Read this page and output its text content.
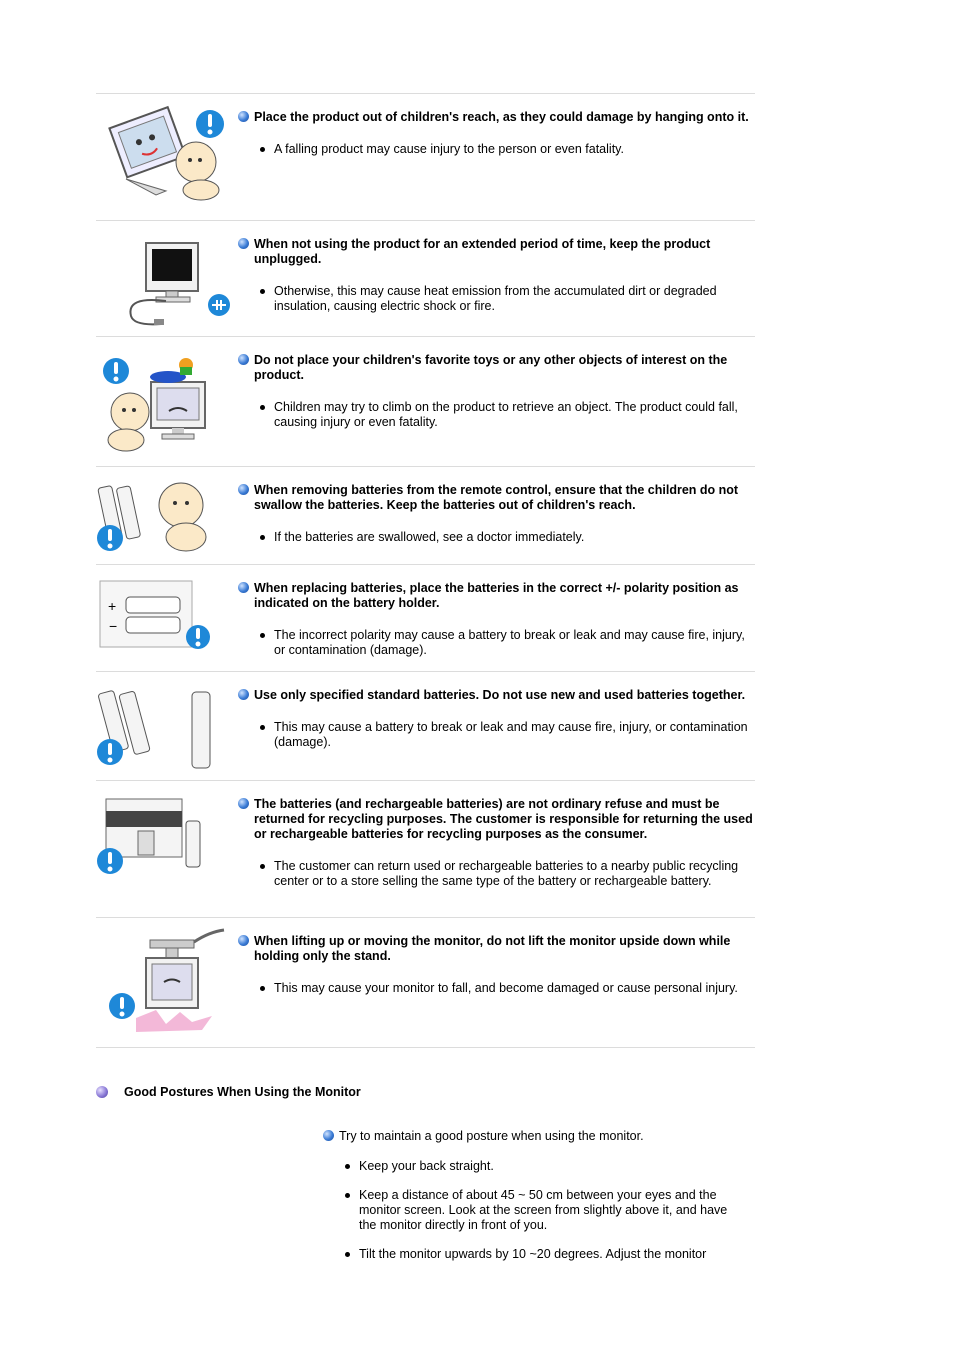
Place the product out of children's reach, as they could damage by hanging onto it.
A falling product may cause injury to the person or even fatality.
When not using the product for an extended period of time, keep the product unplugged.
Otherwise, this may cause heat emission from the accumulated dirt or degraded insulation, causing electric shock or fire.
Do not place your children's favorite toys or any other objects of interest on the product.
Children may try to climb on the product to retrieve an object. The product could fall, causing injury or even fatality.
When removing batteries from the remote control, ensure that the children do not swallow the batteries. Keep the batteries out of children's reach.
If the batteries are swallowed, see a doctor immediately.
+
−
When replacing batteries, place the batteries in the correct +/- polarity position as indicated on the battery holder.
The incorrect polarity may cause a battery to break or leak and may cause fire, injury, or contamination (damage).
Use only specified standard batteries. Do not use new and used batteries together.
This may cause a battery to break or leak and may cause fire, injury, or contamination (damage).
The batteries (and rechargeable batteries) are not ordinary refuse and must be returned for recycling purposes. The customer is responsible for returning the used or rechargeable batteries for recycling purposes as the consumer.
The customer can return used or rechargeable batteries to a nearby public recycling center or to a store selling the same type of the battery or rechargeable battery.
When lifting up or moving the monitor, do not lift the monitor upside down while holding only the stand.
This may cause your monitor to fall, and become damaged or cause personal injury.
Good Postures When Using the Monitor
Try to maintain a good posture when using the monitor.
Keep your back straight.
Keep a distance of about 45 ~ 50 cm between your eyes and the monitor screen. Look at the screen from slightly above it, and have the monitor directly in front of you.
Tilt the monitor upwards by 10 ~20 degrees. Adjust the monitor
